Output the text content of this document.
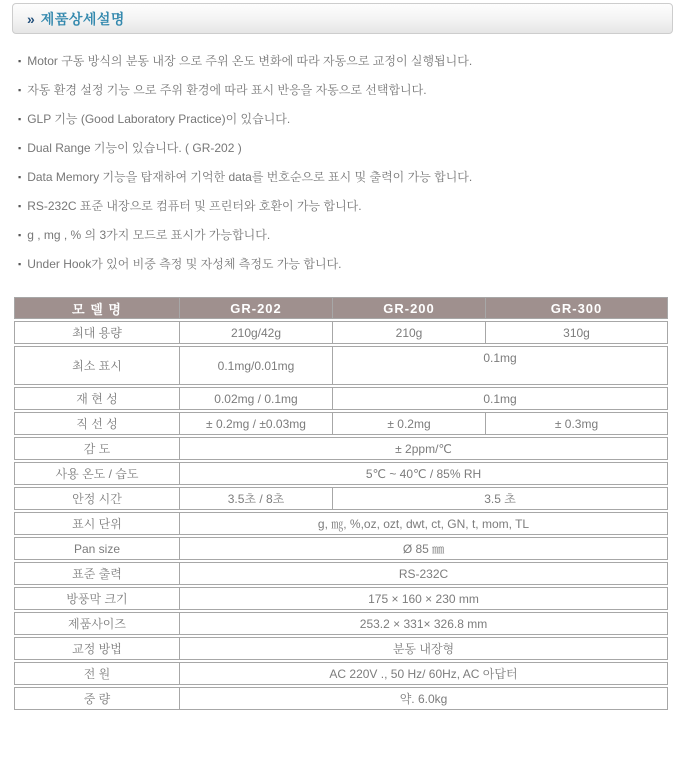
» 제품상세설명
▪ Motor 구동 방식의 분동 내장 으로 주위 온도 변화에 따라 자동으로 교정이 실행됩니다.
▪ 자동 환경 설정 기능 으로 주위 환경에 따라 표시 반응을 자동으로 선택합니다.
▪ GLP 기능 (Good Laboratory Practice)이 있습니다.
▪ Dual Range 기능이 있습니다. ( GR-202 )
▪ Data Memory 기능을 탑재하여 기억한 data를 번호순으로 표시 및 출력이 가능 합니다.
▪ RS-232C 표준 내장으로 컴퓨터 및 프린터와 호환이 가능 합니다.
▪ g , mg , % 의 3가지 모드로 표시가 가능합니다.
▪ Under Hook가 있어 비중 측정 및 자성체 측정도 가능 합니다.
모 델 명	GR-202	GR-200	GR-300
최대 용량	210g/42g	210g	310g
최소 표시	0.1mg/0.01mg	0.1mg	
재 현 성	0.02mg / 0.1mg	0.1mg	
직 선 성	± 0.2mg / ±0.03mg	± 0.2mg	± 0.3mg
감 도	± 2ppm/℃		
사용 온도 / 습도	5℃ ~ 40℃ / 85% RH		
안정 시간	3.5초 / 8초	3.5 초	
표시 단위	g, ㎎, %,oz, ozt, dwt, ct, GN, t, mom, TL		
Pan size	Ø 85 ㎜		
표준 출력	RS-232C		
방풍막 크기	175 × 160 × 230 mm		
제품사이즈	253.2 × 331× 326.8 mm		
교정 방법	분동 내장형		
전 원	AC 220V ., 50 Hz/ 60Hz, AC 아답터		
중 량	약. 6.0kg		
